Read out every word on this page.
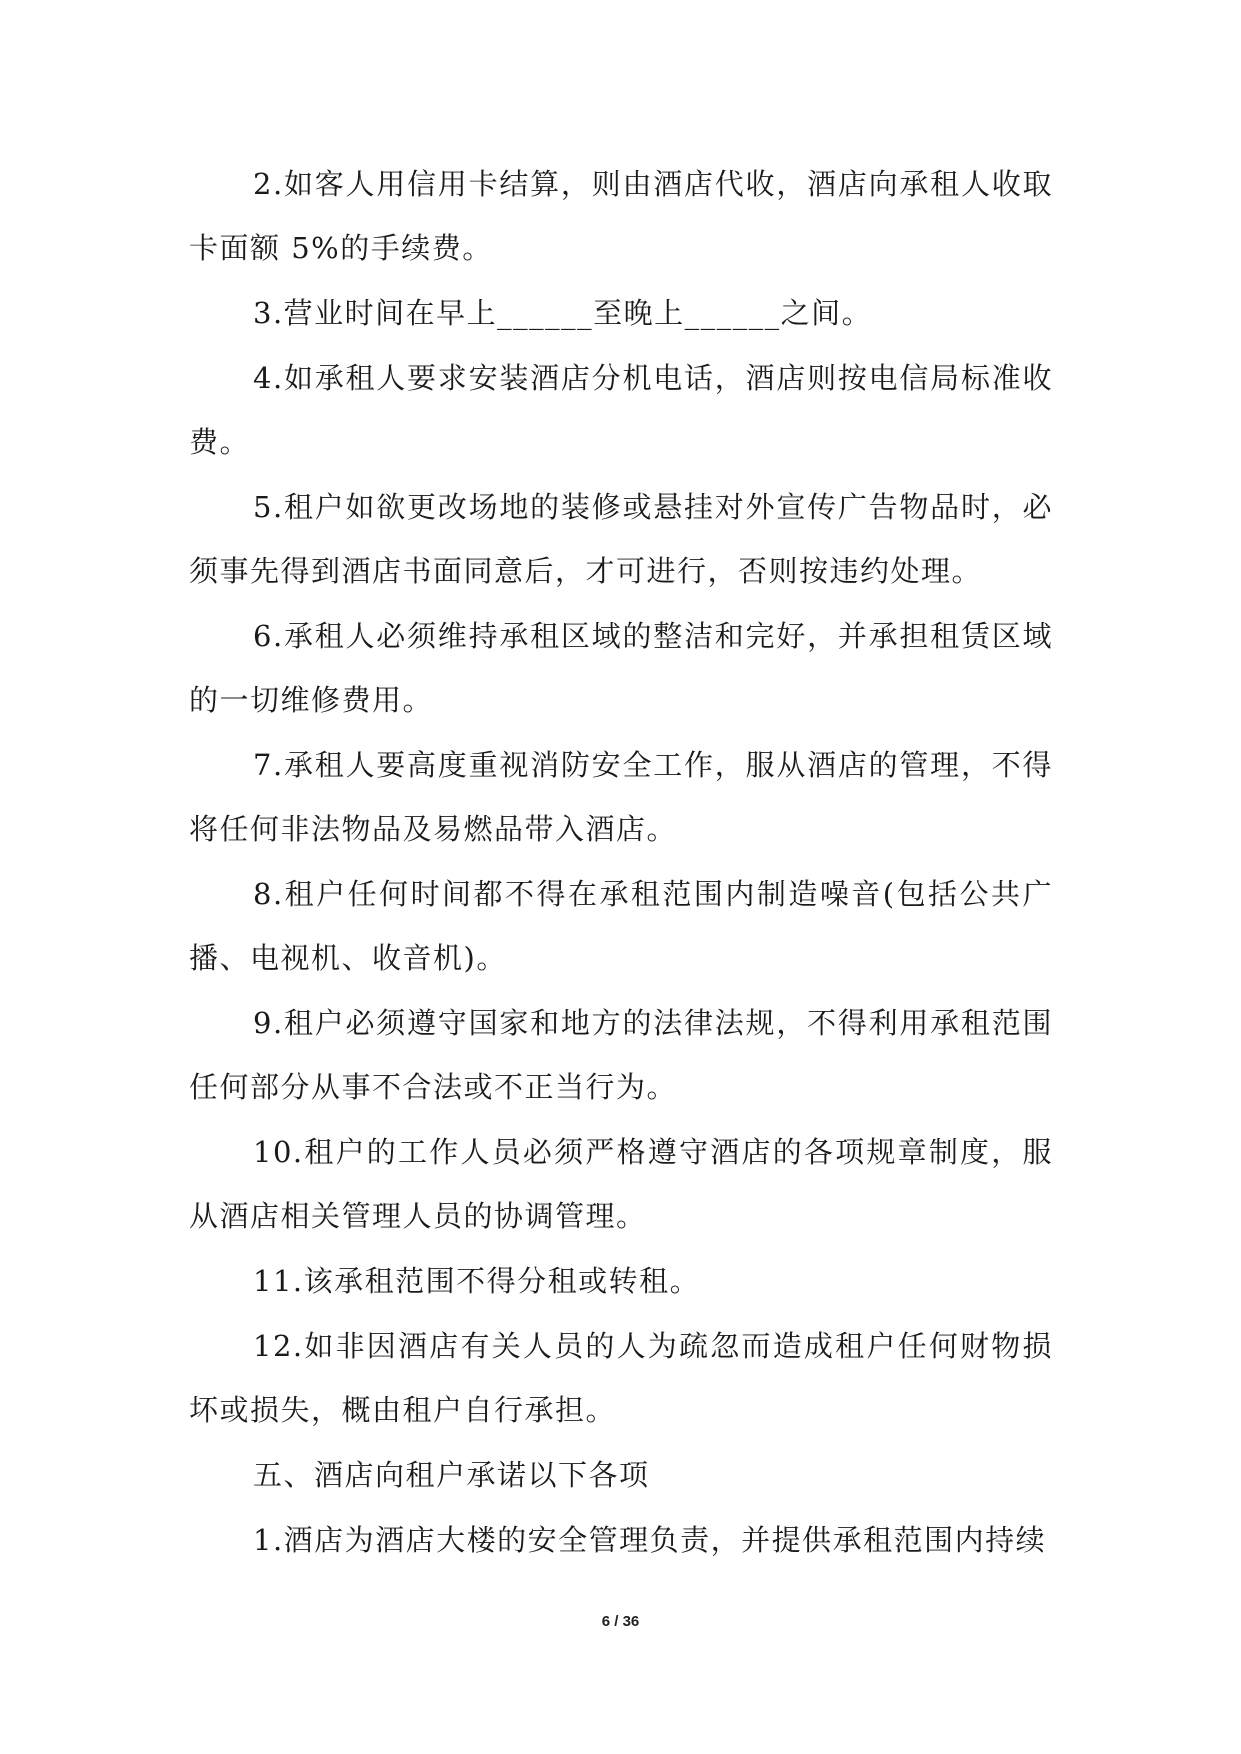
2.如客人用信用卡结算，则由酒店代收，酒店向承租人收取卡面额 5%的手续费。

3.营业时间在早上______至晚上______之间。

4.如承租人要求安装酒店分机电话，酒店则按电信局标准收费。

5.租户如欲更改场地的装修或悬挂对外宣传广告物品时，必须事先得到酒店书面同意后，才可进行，否则按违约处理。

6.承租人必须维持承租区域的整洁和完好，并承担租赁区域的一切维修费用。

7.承租人要高度重视消防安全工作，服从酒店的管理，不得将任何非法物品及易燃品带入酒店。

8.租户任何时间都不得在承租范围内制造噪音(包括公共广播、电视机、收音机)。

9.租户必须遵守国家和地方的法律法规，不得利用承租范围任何部分从事不合法或不正当行为。

10.租户的工作人员必须严格遵守酒店的各项规章制度，服从酒店相关管理人员的协调管理。

11.该承租范围不得分租或转租。

12.如非因酒店有关人员的人为疏忽而造成租户任何财物损坏或损失，概由租户自行承担。

五、酒店向租户承诺以下各项

1.酒店为酒店大楼的安全管理负责，并提供承租范围内持续

6 / 36
